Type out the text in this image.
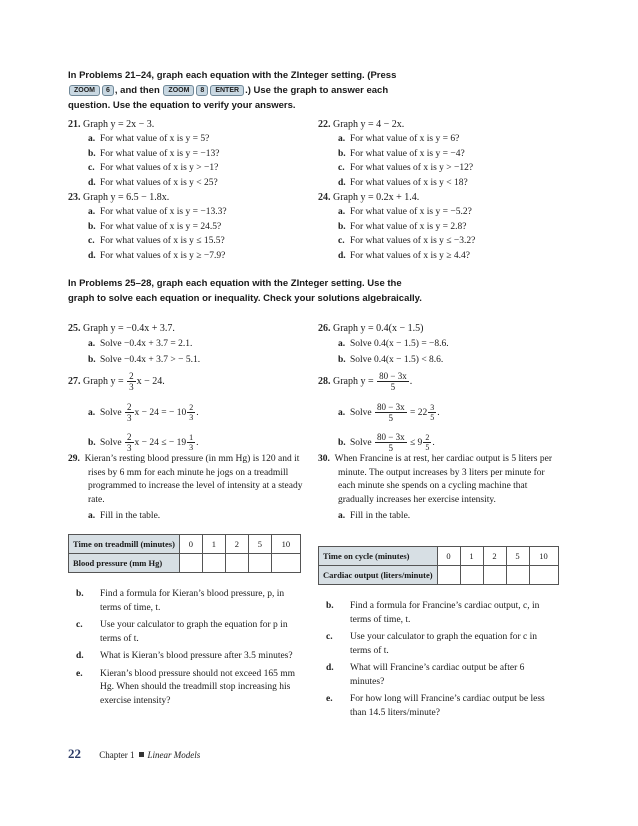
In Problems 21–24, graph each equation with the ZInteger setting. (Press
ZOOM 6 , and then ZOOM 8 ENTER .) Use the graph to answer each question. Use the equation to verify your answers.
21. Graph y = 2x − 3.
a. For what value of x is y = 5?
b. For what value of x is y = −13?
c. For what values of x is y > −1?
d. For what values of x is y < 25?
23. Graph y = 6.5 − 1.8x.
a. For what value of x is y = −13.3?
b. For what value of x is y = 24.5?
c. For what values of x is y ≤ 15.5?
d. For what values of x is y ≥ −7.9?
22. Graph y = 4 − 2x.
a. For what value of x is y = 6?
b. For what value of x is y = −4?
c. For what values of x is y > −12?
d. For what values of x is y < 18?
24. Graph y = 0.2x + 1.4.
a. For what value of x is y = −5.2?
b. For what value of x is y = 2.8?
c. For what values of x is y ≤ −3.2?
d. For what values of x is y ≥ 4.4?
In Problems 25–28, graph each equation with the ZInteger setting. Use the graph to solve each equation or inequality. Check your solutions algebraically.
25. Graph y = −0.4x + 3.7.
a. Solve −0.4x + 3.7 = 2.1.
b. Solve −0.4x + 3.7 > − 5.1.
26. Graph y = 0.4(x − 1.5)
a. Solve 0.4(x − 1.5) = −8.6.
b. Solve 0.4(x − 1.5) < 8.6.
27. Graph $y = \frac{2}{3}$ x − 24.
a. Solve $\frac{2}{3}$ x − 24 = − $10 \frac{2}{3}$ .
b. Solve $\frac{2}{3}$ x − 24 ≤ − $19 \frac{1}{3}$ .
28. Graph $y = \frac{80 - 3x}{5}$ .
a. Solve $\frac{80 - 3x}{5} = 22 \frac{3}{5}$ .
b. Solve $\frac{80 - 3x}{5} \le 9 \frac{2}{5}$ .
29. Kieran’s resting blood pressure (in mm Hg) is 120 and it rises by 6 mm for each minute he jogs on a treadmill programmed to increase the level of intensity at a steady rate.
a. Fill in the table.
Time on treadmill (minutes)	0	1	2	5	10
Blood pressure (mm Hg)					
b. Find a formula for Kieran’s blood pressure, p, in terms of time, t.
c. Use your calculator to graph the equation for p in terms of t.
d. What is Kieran’s blood pressure after 3.5 minutes?
e. Kieran’s blood pressure should not exceed 165 mm Hg. When should the treadmill stop increasing his exercise intensity?
30. When Francine is at rest, her cardiac output is 5 liters per minute. The output increases by 3 liters per minute for each minute she spends on a cycling machine that gradually increases her exercise intensity.
a. Fill in the table.
Time on cycle (minutes)	0	1	2	5	10
Cardiac output (liters/minute)					
b. Find a formula for Francine’s cardiac output, c, in terms of time, t.
c. Use your calculator to graph the equation for c in terms of t.
d. What will Francine’s cardiac output be after 6 minutes?
e. For how long will Francine’s cardiac output be less than 14.5 liters/minute?
22 Chapter 1 Linear Models
